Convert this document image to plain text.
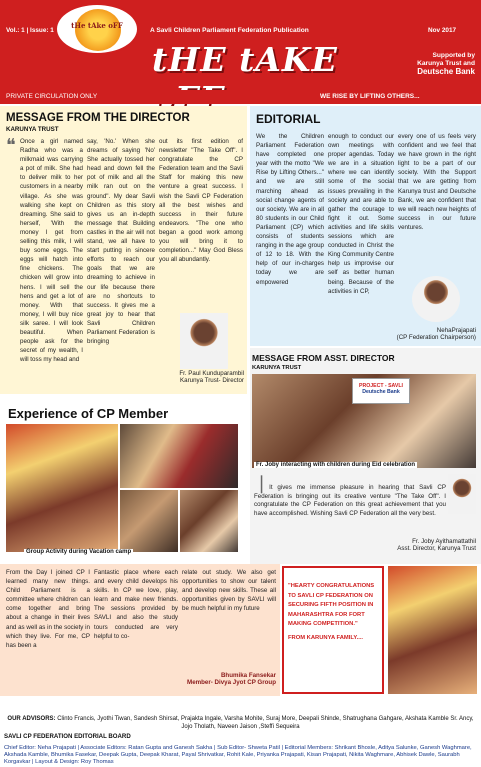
Vol.: 1 | Issue: 1	A Savli Children Parliament Federation Publication	Nov 2017
tHe tAke oFF
tHE tAKE	Supported by
Karunya Trust and
Deutsche Bank
PRIVATE CIRCULATION ONLY	WE RISE BY LIFTING OTHERS...
MESSAGE FROM THE DIRECTOR
KARUNYA TRUST
❝ Once a girl named Radha who was a milkmaid was carrying a pot of milk. She had to deliver milk to her customers in a nearby village. As she was walking she kept on dreaming. She said to herself, 'With the money I get from selling this milk, I will buy some eggs. The eggs will hatch into fine chickens. The chicken will grow into hens. I will sell the hens and get a lot of money. With that money, I will buy nice silk saree. I will look beautiful. When people ask for the secret of my wealth, I will toss my head and
say, 'No.' When she dreams of saying 'No' She actually tossed her head and down fell the pot of milk and all the milk ran out on the ground". My dear Savli Children as this story gives us an in-depth message that Building castles in the air will not stand, we all have to start putting in sincere efforts to reach our goals that we are dreaming to achieve in our life because there are no shortcuts to success. It gives me a great joy to hear that Savli Children Parliament Federation is bringing
out its first edition of newsletter "The Take Off". I congratulate the CP Federation team and the Savli Staff for making this new venture a great success. I wish the Savli CP Federation all the best wishes and success in their future endeavors. "The one who began a good work among you will bring it to completion..." May God Bless you all abundantly.
Fr. Paul Kunduparambil
Karunya Trust- Director
EDITORIAL
We the Children Parliament Federation have completed one year with the motto "We Rise by Lifting Others..." and we are still marching ahead as social change agents of our society. We are in all 80 students in our Child Parliament (CP) which consists of students ranging in the age group of 12 to 18. With the help of our in-charges today we are empowered
enough to conduct our own meetings with proper agendas. Today we are in a situation where we can identify some of the social issues prevailing in the society and are able to gather the courage to fight it out. Some activities and life skills sessions which are conducted in Christ the King Community Centre help us improvise our self as better human being. Because of the activities in CP,
every one of us feels very confident and we feel that we have grown in the right light to be a part of our society. With the Support that we are getting from Karunya trust and Deutsche Bank, we are confident that we will reach new heights of success in our future ventures.
NehaPrajapati
(CP Federation Chairperson)
MESSAGE FROM ASST. DIRECTOR
KARUNYA TRUST
PROJECT - SAVLI
Deutsche Bank
Fr. Joby interacting with children during Eid celebration
❘It gives me immense pleasure in hearing that Savli CP Federation is bringing out its creative venture "The Take Off". I congratulate the CP Federation on this great achievement that you have accomplished. Wishing Savli CP Federation all the very best.
Fr. Joby Ayithamattathil
Asst. Director, Karunya Trust
Experience of CP Member
Group Activity during Vacation camp
From the Day I joined CP I learned many new things. Child Parliament is a committee where children can come together and bring about a change in their lives and as well as in the society in which they live. For me, CP has been a
Fantastic place where each and every child develops his skills. In CP we love, play, learn and make new friends. The sessions provided by SAVLI and also the study tours conducted are very helpful to co-
relate out study. We also get opportunities to show our talent and develop new skills. These all opportunities given by SAVLI will be much helpful in my future
Bhumika Fansekar
Member- Divya Jyot CP Group
"HEARTY CONGRATULATIONS TO SAVLI CP FEDERATION ON SECURING FIFTH POSITION IN MAHARASHTRA FOR FORT MAKING COMPETITION."
FROM KARUNYA FAMILY....
OUR ADVISORS: Clinto Francis, Jyothi Tiwan, Sandesh Shirsat, Prajakta Ingale, Varsha Mohite, Suraj More, Deepali Shinde, Shatrughana Gahgare, Akshata Kamble Sr. Ancy, Jojo Tholath, Naveen Jaison ,Steffi Sequeira
SAVLI CP FEDERATION EDITORIAL BOARD
Chief Editor: Neha Prajapati | Associate Editors: Ratan Gupta and Ganesh Sakha | Sub Editor- Shweta Patil | Editorial Members: Shrikant Bhosle, Aditya Salunke, Ganesh Waghmare, Akshada Kamble, Bhumika Fasekar, Deepak Gupta, Deepak Kharat, Payal Shrivatkar, Rohit Kale, Priyanka Prajapati, Kisan Prajapati, Nikita Waghmare, Abhisek Dawle, Saurabh Korgavkar | Layout & Design: Roy Thomas
